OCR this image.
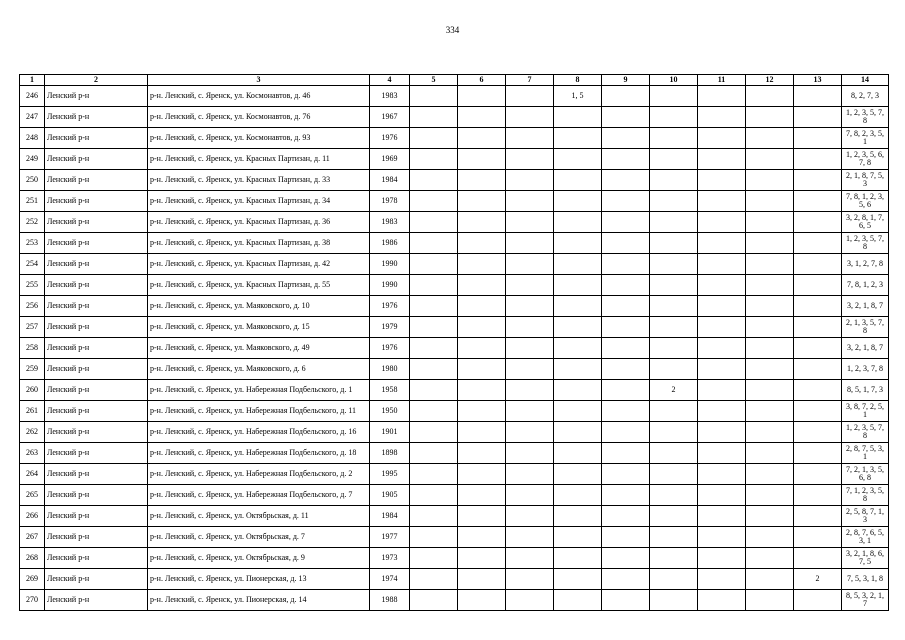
334
1	2	3	4	5	6	7	8	9	10	11	12	13	14
246	Ленский р-н	р-н. Ленский, с. Яренск, ул. Космонавтов, д. 46	1983				1, 5						8, 2, 7, 3
247	Ленский р-н	р-н. Ленский, с. Яренск, ул. Космонавтов, д. 76	1967										1, 2, 3, 5, 7, 8
248	Ленский р-н	р-н. Ленский, с. Яренск, ул. Космонавтов, д. 93	1976										7, 8, 2, 3, 5, 1
249	Ленский р-н	р-н. Ленский, с. Яренск, ул. Красных Партизан, д. 11	1969										1, 2, 3, 5, 6, 7, 8
250	Ленский р-н	р-н. Ленский, с. Яренск, ул. Красных Партизан, д. 33	1984										2, 1, 8, 7, 5, 3
251	Ленский р-н	р-н. Ленский, с. Яренск, ул. Красных Партизан, д. 34	1978										7, 8, 1, 2, 3, 5, 6
252	Ленский р-н	р-н. Ленский, с. Яренск, ул. Красных Партизан, д. 36	1983										3, 2, 8, 1, 7, 6, 5
253	Ленский р-н	р-н. Ленский, с. Яренск, ул. Красных Партизан, д. 38	1986										1, 2, 3, 5, 7, 8
254	Ленский р-н	р-н. Ленский, с. Яренск, ул. Красных Партизан, д. 42	1990										3, 1, 2, 7, 8
255	Ленский р-н	р-н. Ленский, с. Яренск, ул. Красных Партизан, д. 55	1990										7, 8, 1, 2, 3
256	Ленский р-н	р-н. Ленский, с. Яренск, ул. Маяковского, д. 10	1976										3, 2, 1, 8, 7
257	Ленский р-н	р-н. Ленский, с. Яренск, ул. Маяковского, д. 15	1979										2, 1, 3, 5, 7, 8
258	Ленский р-н	р-н. Ленский, с. Яренск, ул. Маяковского, д. 49	1976										3, 2, 1, 8, 7
259	Ленский р-н	р-н. Ленский, с. Яренск, ул. Маяковского, д. 6	1980										1, 2, 3, 7, 8
260	Ленский р-н	р-н. Ленский, с. Яренск, ул. Набережная Подбельского, д. 1	1958						2				8, 5, 1, 7, 3
261	Ленский р-н	р-н. Ленский, с. Яренск, ул. Набережная Подбельского, д. 11	1950										3, 8, 7, 2, 5, 1
262	Ленский р-н	р-н. Ленский, с. Яренск, ул. Набережная Подбельского, д. 16	1901										1, 2, 3, 5, 7, 8
263	Ленский р-н	р-н. Ленский, с. Яренск, ул. Набережная Подбельского, д. 18	1898										2, 8, 7, 5, 3, 1
264	Ленский р-н	р-н. Ленский, с. Яренск, ул. Набережная Подбельского, д. 2	1995										7, 2, 1, 3, 5, 6, 8
265	Ленский р-н	р-н. Ленский, с. Яренск, ул. Набережная Подбельского, д. 7	1905										7, 1, 2, 3, 5, 8
266	Ленский р-н	р-н. Ленский, с. Яренск, ул. Октябрьская, д. 11	1984										2, 5, 8, 7, 1, 3
267	Ленский р-н	р-н. Ленский, с. Яренск, ул. Октябрьская, д. 7	1977										2, 8, 7, 6, 5, 3, 1
268	Ленский р-н	р-н. Ленский, с. Яренск, ул. Октябрьская, д. 9	1973										3, 2, 1, 8, 6, 7, 5
269	Ленский р-н	р-н. Ленский, с. Яренск, ул. Пионерская, д. 13	1974									2	7, 5, 3, 1, 8
270	Ленский р-н	р-н. Ленский, с. Яренск, ул. Пионерская, д. 14	1988										8, 5, 3, 2, 1, 7
